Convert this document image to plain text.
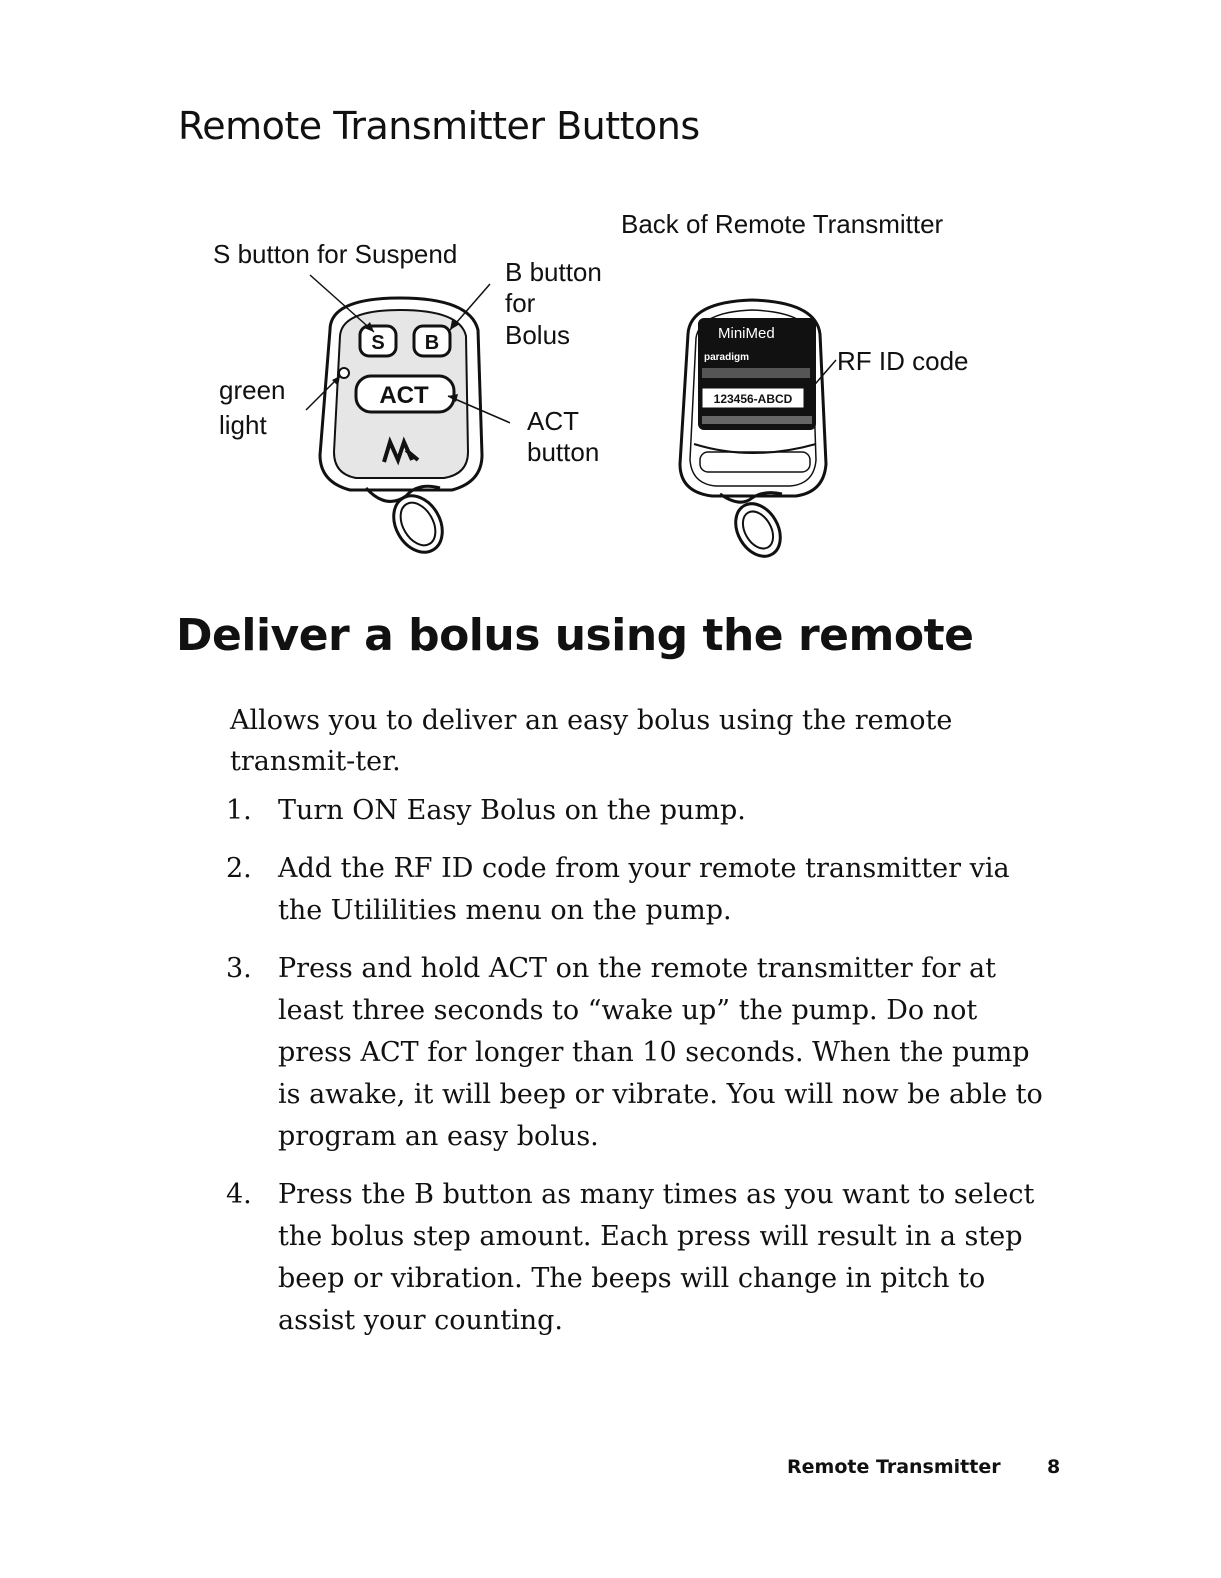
Remote Transmitter Buttons
S button for Suspend
B button
for
Bolus
green
light	ACT
button
Back of Remote Transmitter
RF ID code
S B
ACT
MiniMed
paradigm
123456-ABCD
Deliver a bolus using the remote

Allows you to deliver an easy bolus using the remote transmit-ter.

1. Turn ON Easy Bolus on the pump.
2. Add the RF ID code from your remote transmitter via the Utililities menu on the pump.
3. Press and hold ACT on the remote transmitter for at least three seconds to “wake up” the pump. Do not press ACT for longer than 10 seconds. When the pump is awake, it will beep or vibrate. You will now be able to program an easy bolus.
4. Press the B button as many times as you want to select the bolus step amount. Each press will result in a step beep or vibration. The beeps will change in pitch to assist your counting.
Remote Transmitter 8
